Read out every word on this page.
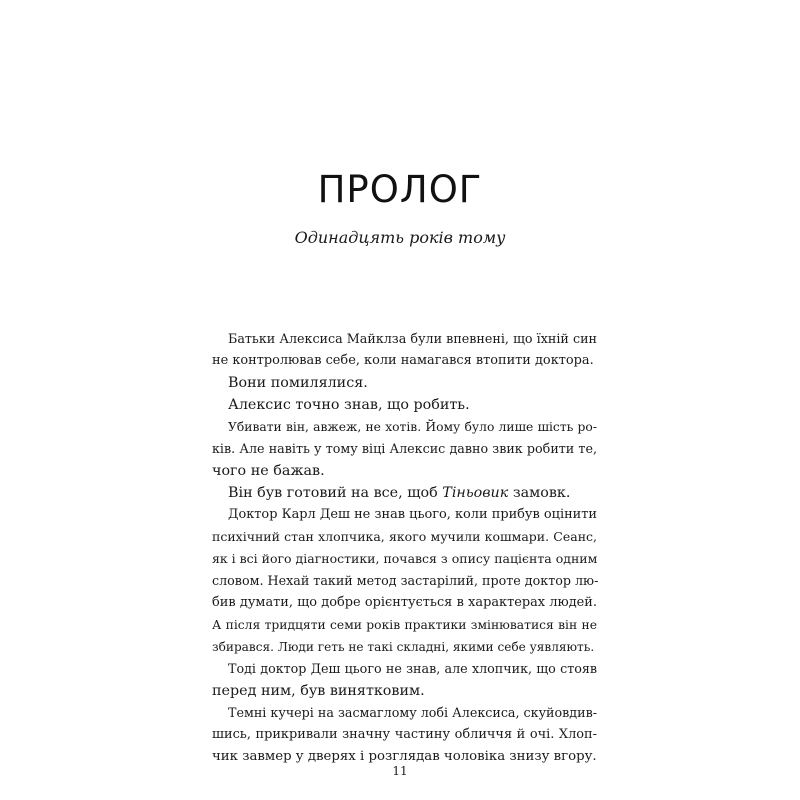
ПРОЛОГ
Одинадцять років тому
Батьки Алексиса Майклза були впевнені, що їхній син
не контролював себе, коли намагався втопити доктора.
Вони помилялися.
Алексис точно знав, що робить.
Убивати він, авжеж, не хотів. Йому було лише шість ро-
ків. Але навіть у тому віці Алексис давно звик робити те,
чого не бажав.
Він був готовий на все, щоб Тіньовик замовк.
Доктор Карл Деш не знав цього, коли прибув оцінити
психічний стан хлопчика, якого мучили кошмари. Сеанс,
як і всі його діагностики, почався з опису пацієнта одним
словом. Нехай такий метод застарілий, проте доктор лю-
бив думати, що добре орієнтується в характерах людей.
А після тридцяти семи років практики змінюватися він не
збирався. Люди геть не такі складні, якими себе уявляють.
Тоді доктор Деш цього не знав, але хлопчик, що стояв
перед ним, був винятковим.
Темні кучері на засмаглому лобі Алексиса, скуйовдив-
шись, прикривали значну частину обличчя й очі. Хлоп-
чик завмер у дверях і розглядав чоловіка знизу вгору.
11
